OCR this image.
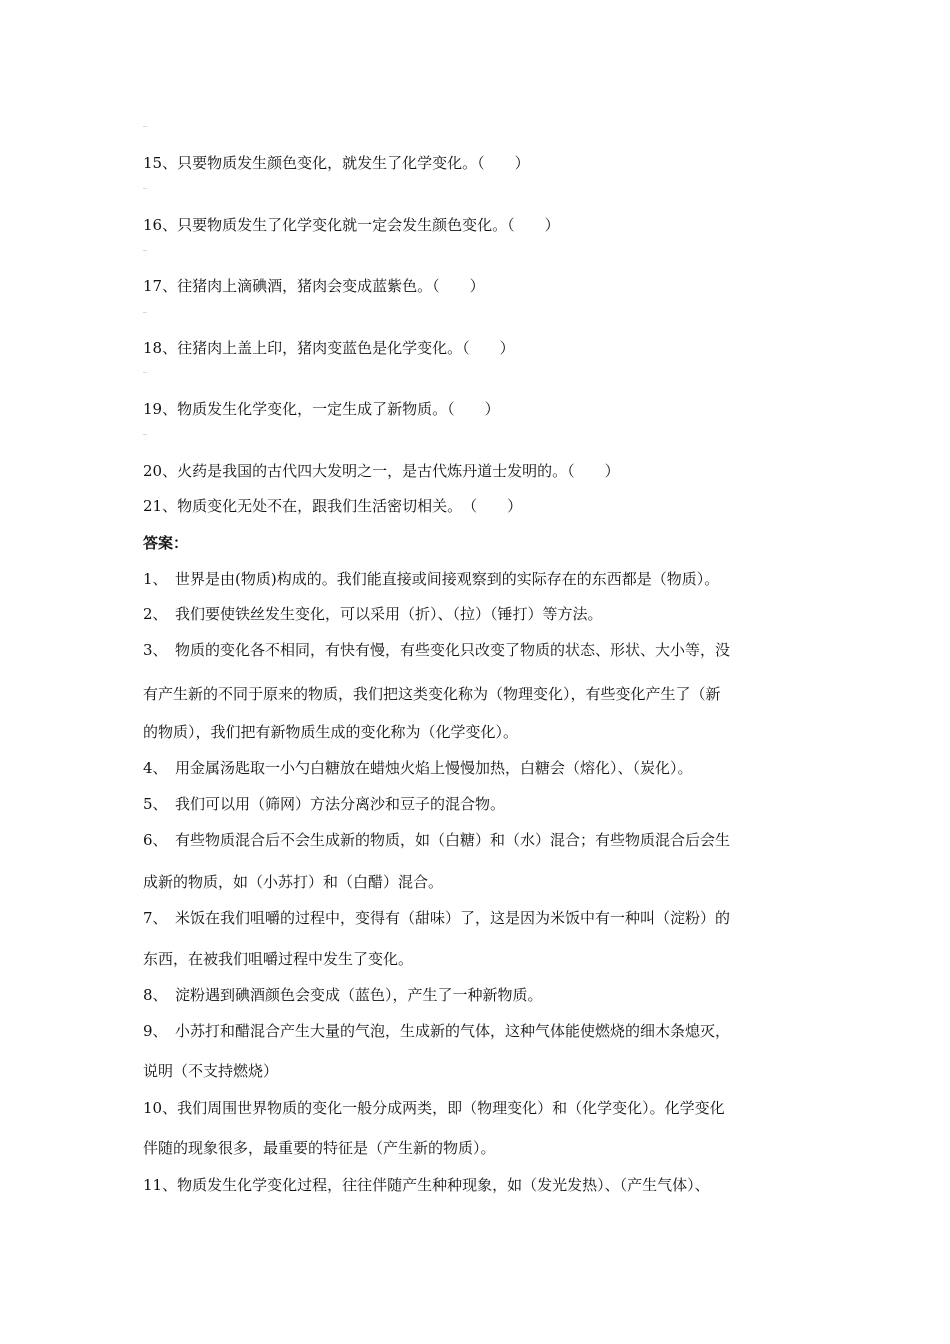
15、只要物质发生颜色变化，就发生了化学变化。（　　）
16、只要物质发生了化学变化就一定会发生颜色变化。（　　）
17、往猪肉上滴碘酒，猪肉会变成蓝紫色。（　　）
18、往猪肉上盖上印，猪肉变蓝色是化学变化。（　　）
19、物质发生化学变化，一定生成了新物质。（　　）
20、火药是我国的古代四大发明之一，是古代炼丹道士发明的。（　　）
21、物质变化无处不在，跟我们生活密切相关。　（　　）
答案：
1、　世界是由(物质)构成的。我们能直接或间接观察到的实际存在的东西都是（物质）。
2、　我们要使铁丝发生变化，可以采用（折）、（拉）（锤打）等方法。
3、　物质的变化各不相同，有快有慢，有些变化只改变了物质的状态、形状、大小等，没
有产生新的不同于原来的物质，我们把这类变化称为（物理变化），有些变化产生了（新
的物质），我们把有新物质生成的变化称为（化学变化）。
4、　用金属汤匙取一小勺白糖放在蜡烛火焰上慢慢加热，白糖会（熔化）、（炭化）。
5、　我们可以用（筛网）方法分离沙和豆子的混合物。
6、　有些物质混合后不会生成新的物质，如（白糖）和（水）混合；有些物质混合后会生
成新的物质，如（小苏打）和（白醋）混合。
7、　米饭在我们咀嚼的过程中，变得有（甜味）了，这是因为米饭中有一种叫（淀粉）的
东西，在被我们咀嚼过程中发生了变化。
8、　淀粉遇到碘酒颜色会变成（蓝色），产生了一种新物质。
9、　小苏打和醋混合产生大量的气泡，生成新的气体，这种气体能使燃烧的细木条熄灭，
说明（不支持燃烧）
10、我们周围世界物质的变化一般分成两类，即（物理变化）和（化学变化）。化学变化
伴随的现象很多，最重要的特征是（产生新的物质）。
11、物质发生化学变化过程，往往伴随产生种种现象，如（发光发热）、（产生气体）、
